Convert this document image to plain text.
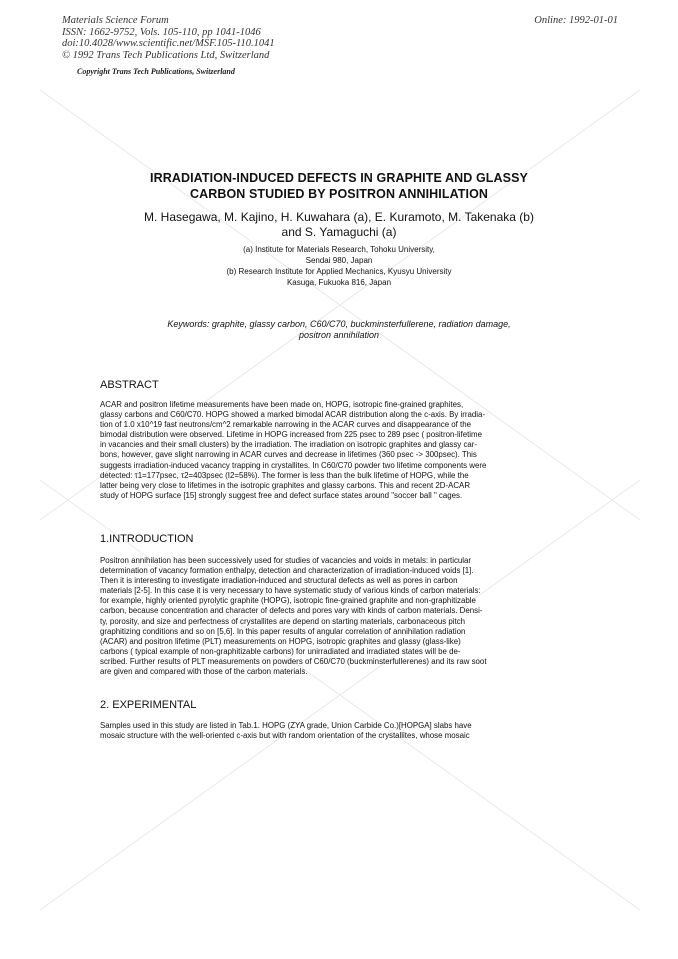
Materials Science Forum
ISSN: 1662-9752, Vols. 105-110, pp 1041-1046
doi:10.4028/www.scientific.net/MSF.105-110.1041
© 1992 Trans Tech Publications Ltd, Switzerland
Online: 1992-01-01
Copyright Trans Tech Publications, Switzerland
IRRADIATION-INDUCED DEFECTS IN GRAPHITE AND GLASSY
CARBON STUDIED BY POSITRON ANNIHILATION
M. Hasegawa, M. Kajino, H. Kuwahara (a), E. Kuramoto, M. Takenaka (b)
and S. Yamaguchi (a)
(a) Institute for Materials Research, Tohoku University,
Sendai 980, Japan
(b) Research Institute for Applied Mechanics, Kyusyu University
Kasuga, Fukuoka 816, Japan
Keywords: graphite, glassy carbon, C60/C70, buckminsterfullerene, radiation damage,
positron annihilation
ABSTRACT
ACAR and positron lifetime measurements have been made on, HOPG, isotropic fine-grained graphites,
glassy carbons and C60/C70. HOPG showed a marked bimodal ACAR distribution along the c-axis. By irradia-
tion of 1.0 x10^19 fast neutrons/cm^2 remarkable narrowing in the ACAR curves and disappearance of the
bimodal distribution were observed. Lifetime in HOPG increased from 225 psec to 289 psec ( positron-lifetime
in vacancies and their small clusters) by the irradiation. The irradiation on isotropic graphites and glassy car-
bons, however, gave slight narrowing in ACAR curves and decrease in lifetimes (360 psec -> 300psec). This
suggests irradiation-induced vacancy trapping in crystallites. In C60/C70 powder two lifetime components were
detected: τ1=177psec, τ2=403psec (I2=58%). The former is less than the bulk lifetime of HOPG, while the
latter being very close to lifetimes in the isotropic graphites and glassy carbons. This and recent 2D-ACAR
study of HOPG surface [15] strongly suggest free and defect surface states around "soccer ball " cages.
1.INTRODUCTION
Positron annihilation has been successively used for studies of vacancies and voids in metals: in particular
determination of vacancy formation enthalpy, detection and characterization of irradiation-induced voids [1].
Then it is interesting to investigate irradiation-induced and structural defects as well as pores in carbon
materials [2-5]. In this case it is very necessary to have systematic study of various kinds of carbon materials:
for example, highly oriented pyrolytic graphite (HOPG), isotropic fine-grained graphite and non-graphitizable
carbon, because concentration and character of defects and pores vary with kinds of carbon materials. Densi-
ty, porosity, and size and perfectness of crystallites are depend on starting materials, carbonaceous pitch
graphitizing conditions and so on [5,6]. In this paper results of angular correlation of annihilation radiation
(ACAR) and positron lifetime (PLT) measurements on HOPG, isotropic graphites and glassy (glass-like)
carbons ( typical example of non-graphitizable carbons) for unirradiated and irradiated states will be de-
scribed. Further results of PLT measurements on powders of C60/C70 (buckminsterfullerenes) and its raw soot
are given and compared with those of the carbon materials.
2. EXPERIMENTAL
Samples used in this study are listed in Tab.1. HOPG (ZYA grade, Union Carbide Co.)[HOPGA] slabs have
mosaic structure with the well-oriented c-axis but with random orientation of the crystallites, whose mosaic
